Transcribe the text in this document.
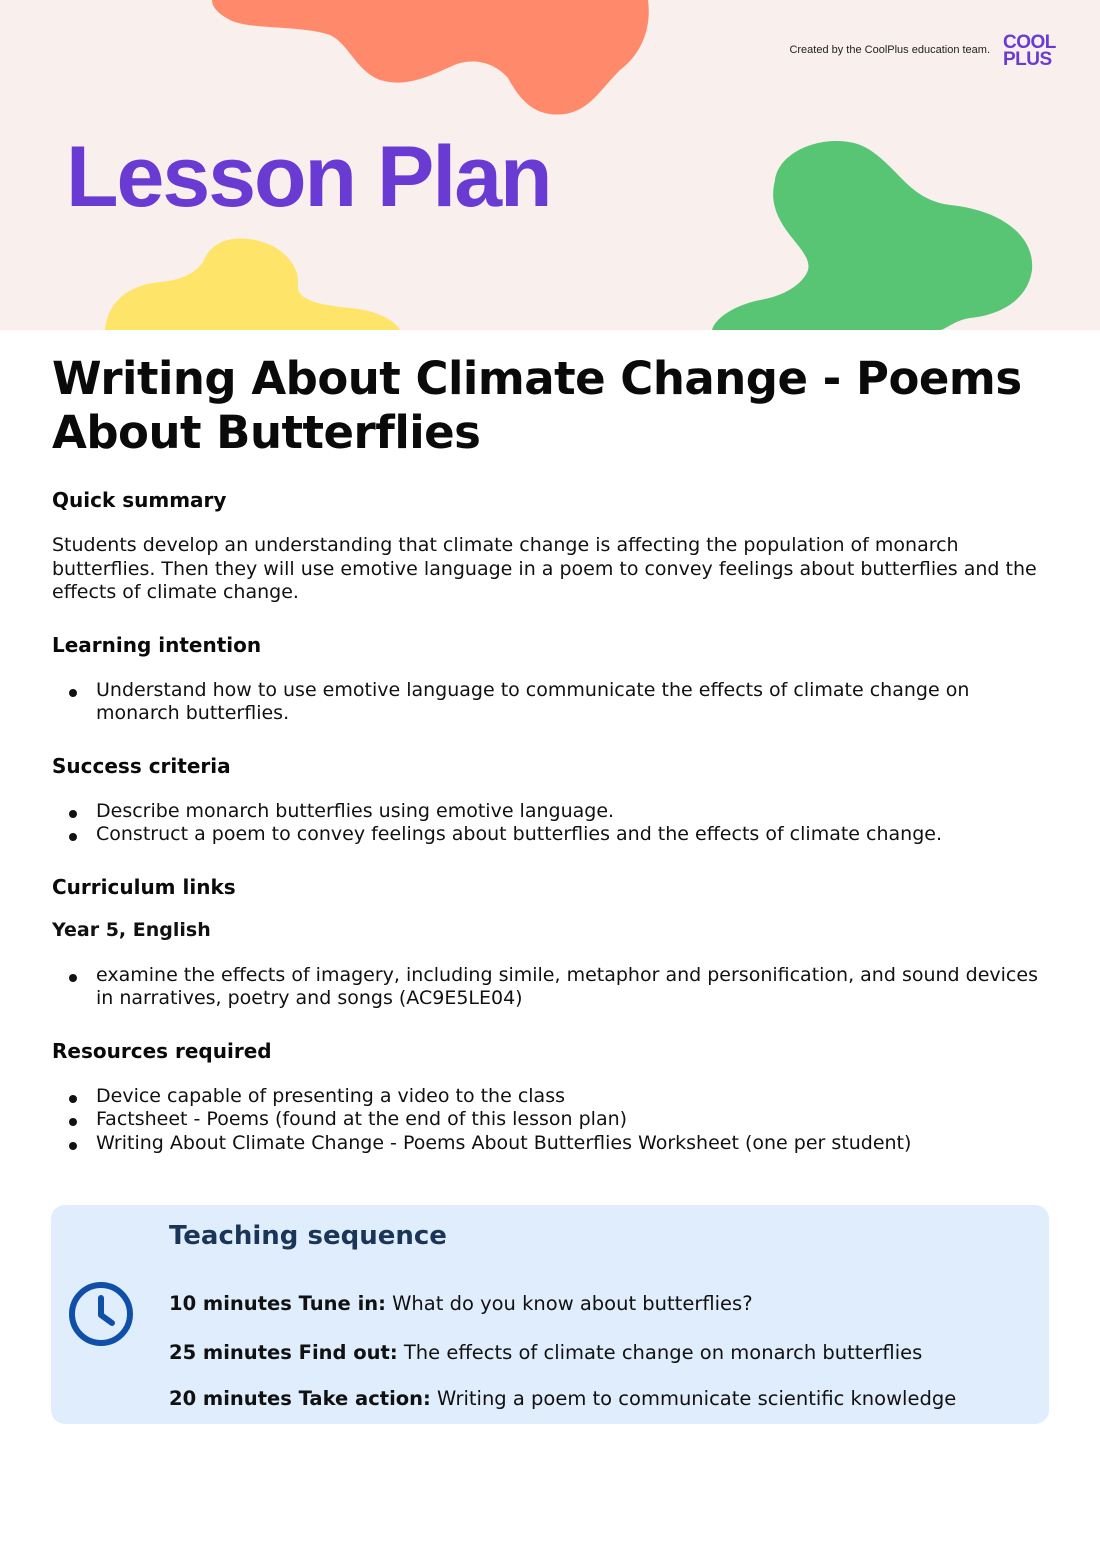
Created by the CoolPlus education team. COOL
PLUS
Lesson Plan
Writing About Climate Change - Poems About Butterflies
Quick summary

Students develop an understanding that climate change is affecting the population of monarch butterflies. Then they will use emotive language in a poem to convey feelings about butterflies and the effects of climate change.

Learning intention
Understand how to use emotive language to communicate the effects of climate change on monarch butterflies.
Success criteria
Describe monarch butterflies using emotive language.
Construct a poem to convey feelings about butterflies and the effects of climate change.
Curriculum links
Year 5, English
examine the effects of imagery, including simile, metaphor and personification, and sound devices in narratives, poetry and songs (AC9E5LE04)
Resources required
Device capable of presenting a video to the class
Factsheet - Poems (found at the end of this lesson plan)
Writing About Climate Change - Poems About Butterflies Worksheet (one per student)
Teaching sequence
10 minutes Tune in: What do you know about butterflies?
25 minutes Find out: The effects of climate change on monarch butterflies
20 minutes Take action: Writing a poem to communicate scientific knowledge
